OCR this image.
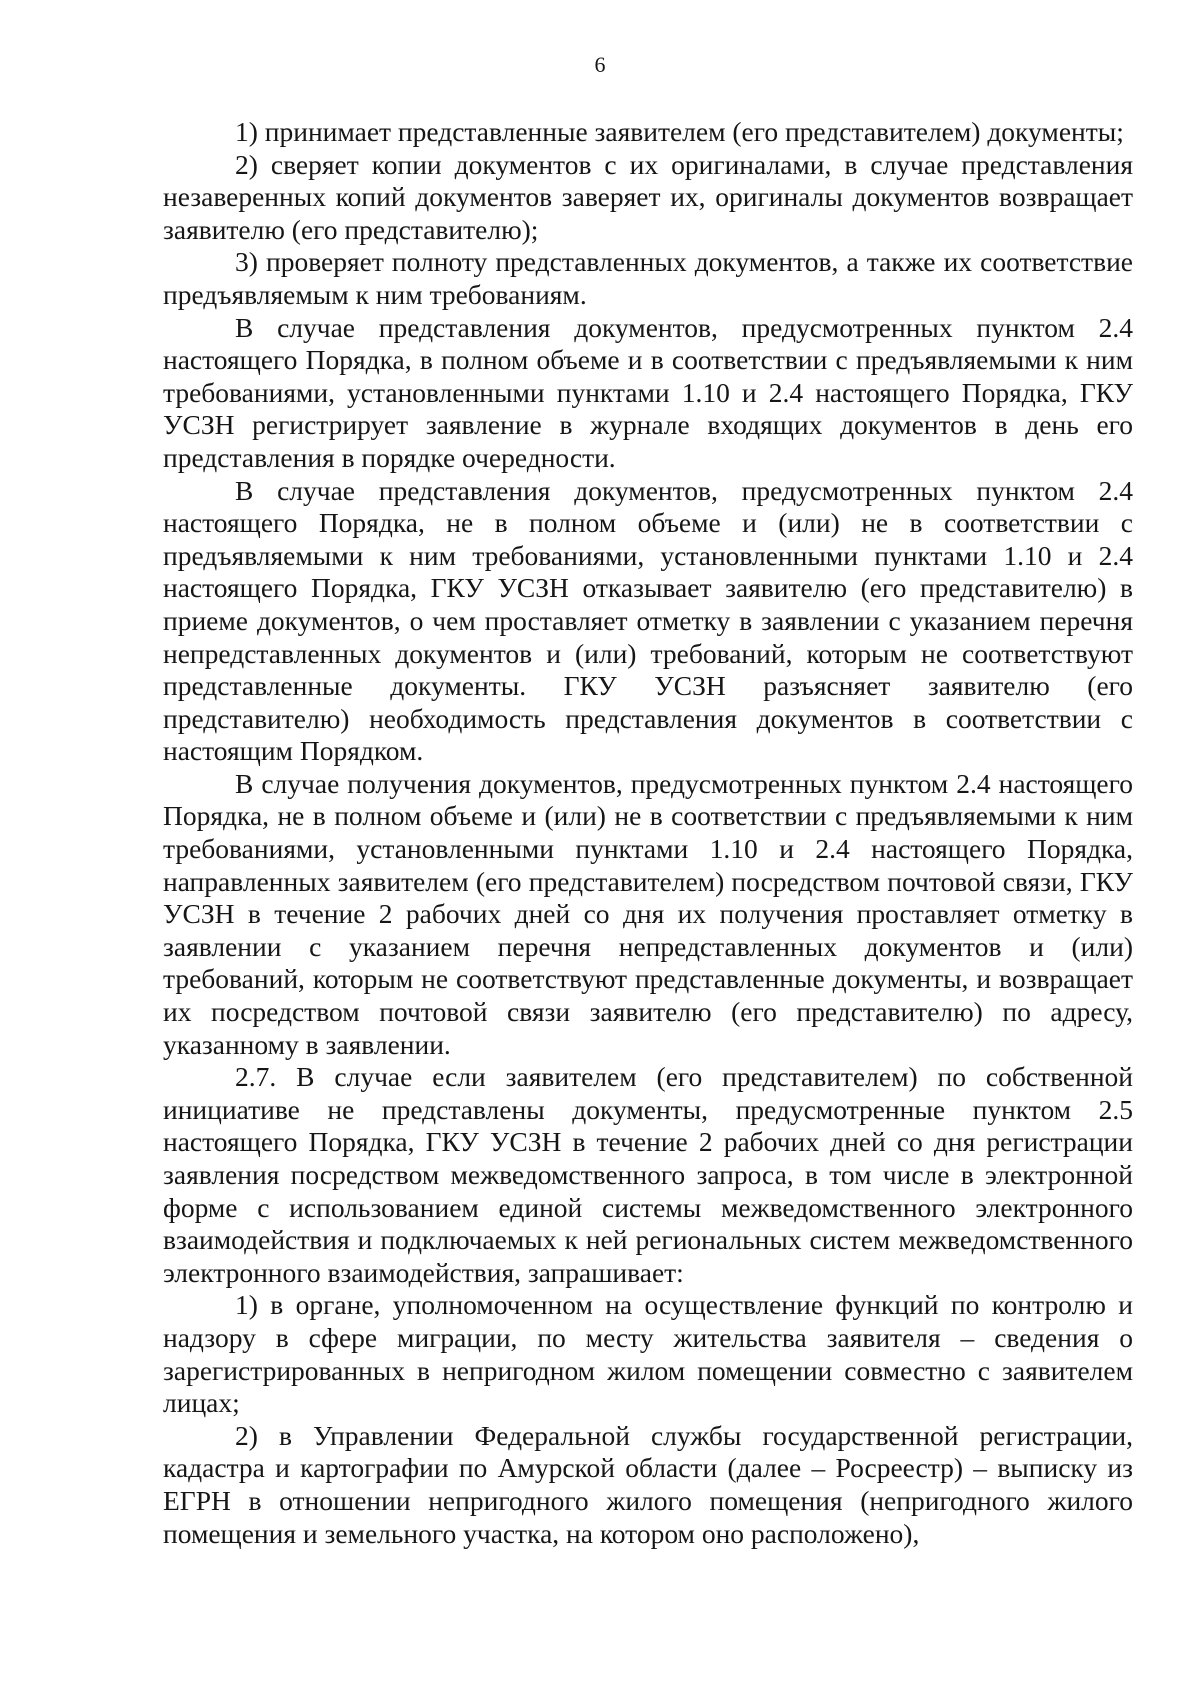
6

1) принимает представленные заявителем (его представителем) документы;

2) сверяет копии документов с их оригиналами, в случае представления незаверенных копий документов заверяет их, оригиналы документов возвращает заявителю (его представителю);

3) проверяет полноту представленных документов, а также их соответствие предъявляемым к ним требованиям.

В случае представления документов, предусмотренных пунктом 2.4 настоящего Порядка, в полном объеме и в соответствии с предъявляемыми к ним требованиями, установленными пунктами 1.10 и 2.4 настоящего Порядка, ГКУ УСЗН регистрирует заявление в журнале входящих документов в день его представления в порядке очередности.

В случае представления документов, предусмотренных пунктом 2.4 настоящего Порядка, не в полном объеме и (или) не в соответствии с предъявляемыми к ним требованиями, установленными пунктами 1.10 и 2.4 настоящего Порядка, ГКУ УСЗН отказывает заявителю (его представителю) в приеме документов, о чем проставляет отметку в заявлении с указанием перечня непредставленных документов и (или) требований, которым не соответствуют представленные документы. ГКУ УСЗН разъясняет заявителю (его представителю) необходимость представления документов в соответствии с настоящим Порядком.

В случае получения документов, предусмотренных пунктом 2.4 настоящего Порядка, не в полном объеме и (или) не в соответствии с предъявляемыми к ним требованиями, установленными пунктами 1.10 и 2.4 настоящего Порядка, направленных заявителем (его представителем) посредством почтовой связи, ГКУ УСЗН в течение 2 рабочих дней со дня их получения проставляет отметку в заявлении с указанием перечня непредставленных документов и (или) требований, которым не соответствуют представленные документы, и возвращает их посредством почтовой связи заявителю (его представителю) по адресу, указанному в заявлении.

2.7. В случае если заявителем (его представителем) по собственной инициативе не представлены документы, предусмотренные пунктом 2.5 настоящего Порядка, ГКУ УСЗН в течение 2 рабочих дней со дня регистрации заявления посредством межведомственного запроса, в том числе в электронной форме с использованием единой системы межведомственного электронного взаимодействия и подключаемых к ней региональных систем межведомственного электронного взаимодействия, запрашивает:

1) в органе, уполномоченном на осуществление функций по контролю и надзору в сфере миграции, по месту жительства заявителя – сведения о зарегистрированных в непригодном жилом помещении совместно с заявителем лицах;

2) в Управлении Федеральной службы государственной регистрации, кадастра и картографии по Амурской области (далее – Росреестр) – выписку из ЕГРН в отношении непригодного жилого помещения (непригодного жилого помещения и земельного участка, на котором оно расположено),
